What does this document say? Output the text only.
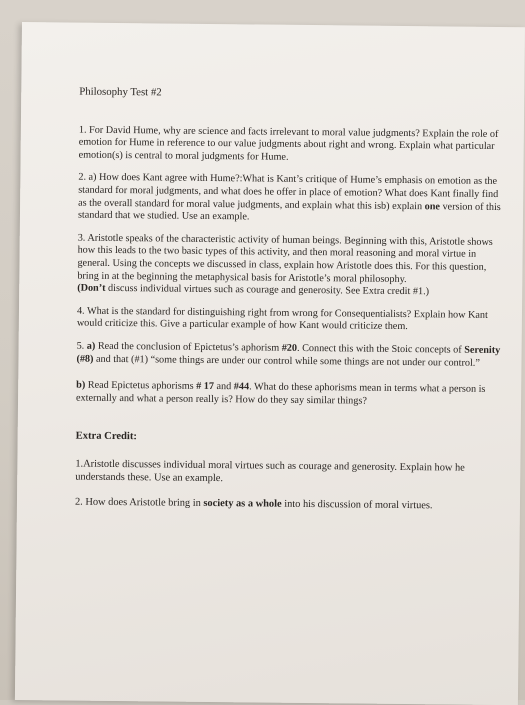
Philosophy Test #2

1. For David Hume, why are science and facts irrelevant to moral value judgments? Explain the role of emotion for Hume in reference to our value judgments about right and wrong. Explain what particular emotion(s) is central to moral judgments for Hume.

2. a) How does Kant agree with Hume?:What is Kant’s critique of Hume’s emphasis on emotion as the standard for moral judgments, and what does he offer in place of emotion? What does Kant finally find as the overall standard for moral value judgments, and explain what this isb) explain one version of this standard that we studied. Use an example.

3. Aristotle speaks of the characteristic activity of human beings. Beginning with this, Aristotle shows how this leads to the two basic types of this activity, and then moral reasoning and moral virtue in general. Using the concepts we discussed in class, explain how Aristotle does this. For this question, bring in at the beginning the metaphysical basis for Aristotle’s moral philosophy.

(Don’t discuss individual virtues such as courage and generosity. See Extra credit #1.)

4. What is the standard for distinguishing right from wrong for Consequentialists? Explain how Kant would criticize this. Give a particular example of how Kant would criticize them.

5. a) Read the conclusion of Epictetus’s aphorism #20. Connect this with the Stoic concepts of Serenity (#8) and that (#1) “some things are under our control while some things are not under our control.”

b) Read Epictetus aphorisms # 17 and #44. What do these aphorisms mean in terms what a person is externally and what a person really is? How do they say similar things?

Extra Credit:
1.Aristotle discusses individual moral virtues such as courage and generosity. Explain how he understands these. Use an example.
2. How does Aristotle bring in society as a whole into his discussion of moral virtues.
